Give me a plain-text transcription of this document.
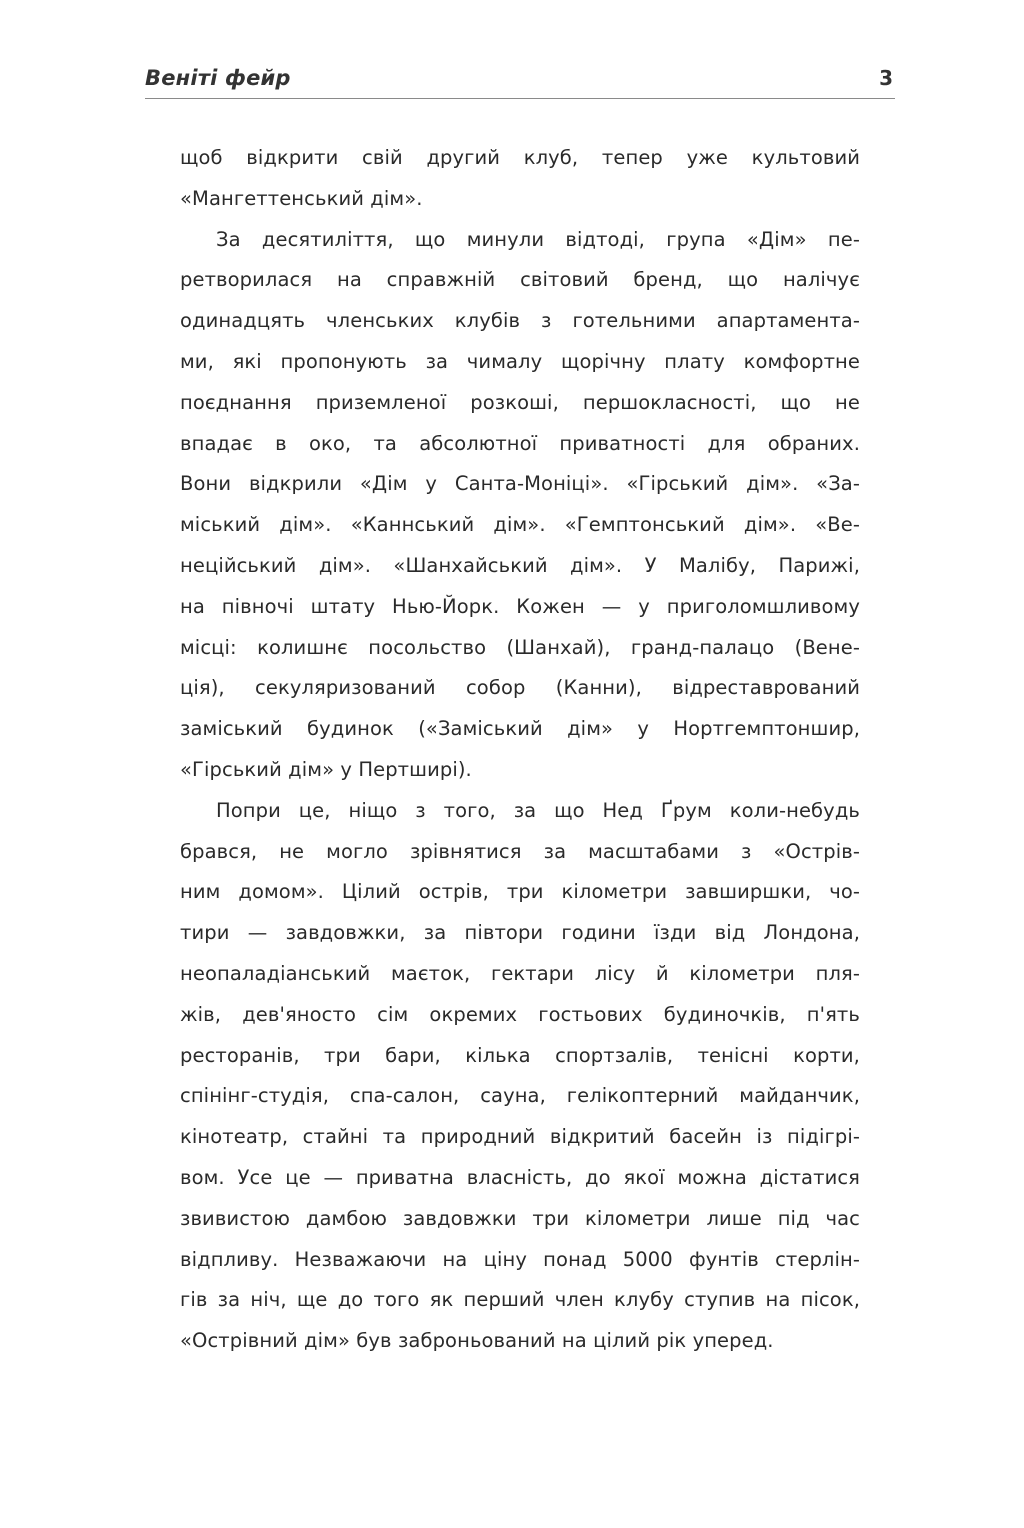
Веніті фейр	3
щоб відкрити свій другий клуб, тепер уже культовий
«Мангеттенський дім».
За десятиліття, що минули відтоді, група «Дім» пе-
ретворилася на справжній світовий бренд, що налічує
одинадцять членських клубів з готельними апартамента-
ми, які пропонують за чималу щорічну плату комфортне
поєднання приземленої розкоші, першокласності, що не
впадає в око, та абсолютної приватності для обраних.
Вони відкрили «Дім у Санта-Моніці». «Гірський дім». «За-
міський дім». «Каннський дім». «Гемптонський дім». «Ве-
неційський дім». «Шанхайський дім». У Малібу, Парижі,
на півночі штату Нью-Йорк. Кожен — у приголомшливому
місці: колишнє посольство (Шанхай), гранд-палацо (Вене-
ція), секуляризований собор (Канни), відреставрований
заміський будинок («Заміський дім» у Нортгемптоншир,
«Гірський дім» у Пертширі).
Попри це, ніщо з того, за що Нед Ґрум коли-небудь
брався, не могло зрівнятися за масштабами з «Острів-
ним домом». Цілий острів, три кілометри завширшки, чо-
тири — завдовжки, за півтори години їзди від Лондона,
неопаладіанський маєток, гектари лісу й кілометри пля-
жів, дев'яносто сім окремих гостьових будиночків, п'ять
ресторанів, три бари, кілька спортзалів, тенісні корти,
спінінг-студія, спа-салон, сауна, гелікоптерний майданчик,
кінотеатр, стайні та природний відкритий басейн із підігрі-
вом. Усе це — приватна власність, до якої можна дістатися
звивистою дамбою завдовжки три кілометри лише під час
відпливу. Незважаючи на ціну понад 5000 фунтів стерлін-
гів за ніч, ще до того як перший член клубу ступив на пісок,
«Острівний дім» був заброньований на цілий рік уперед.
